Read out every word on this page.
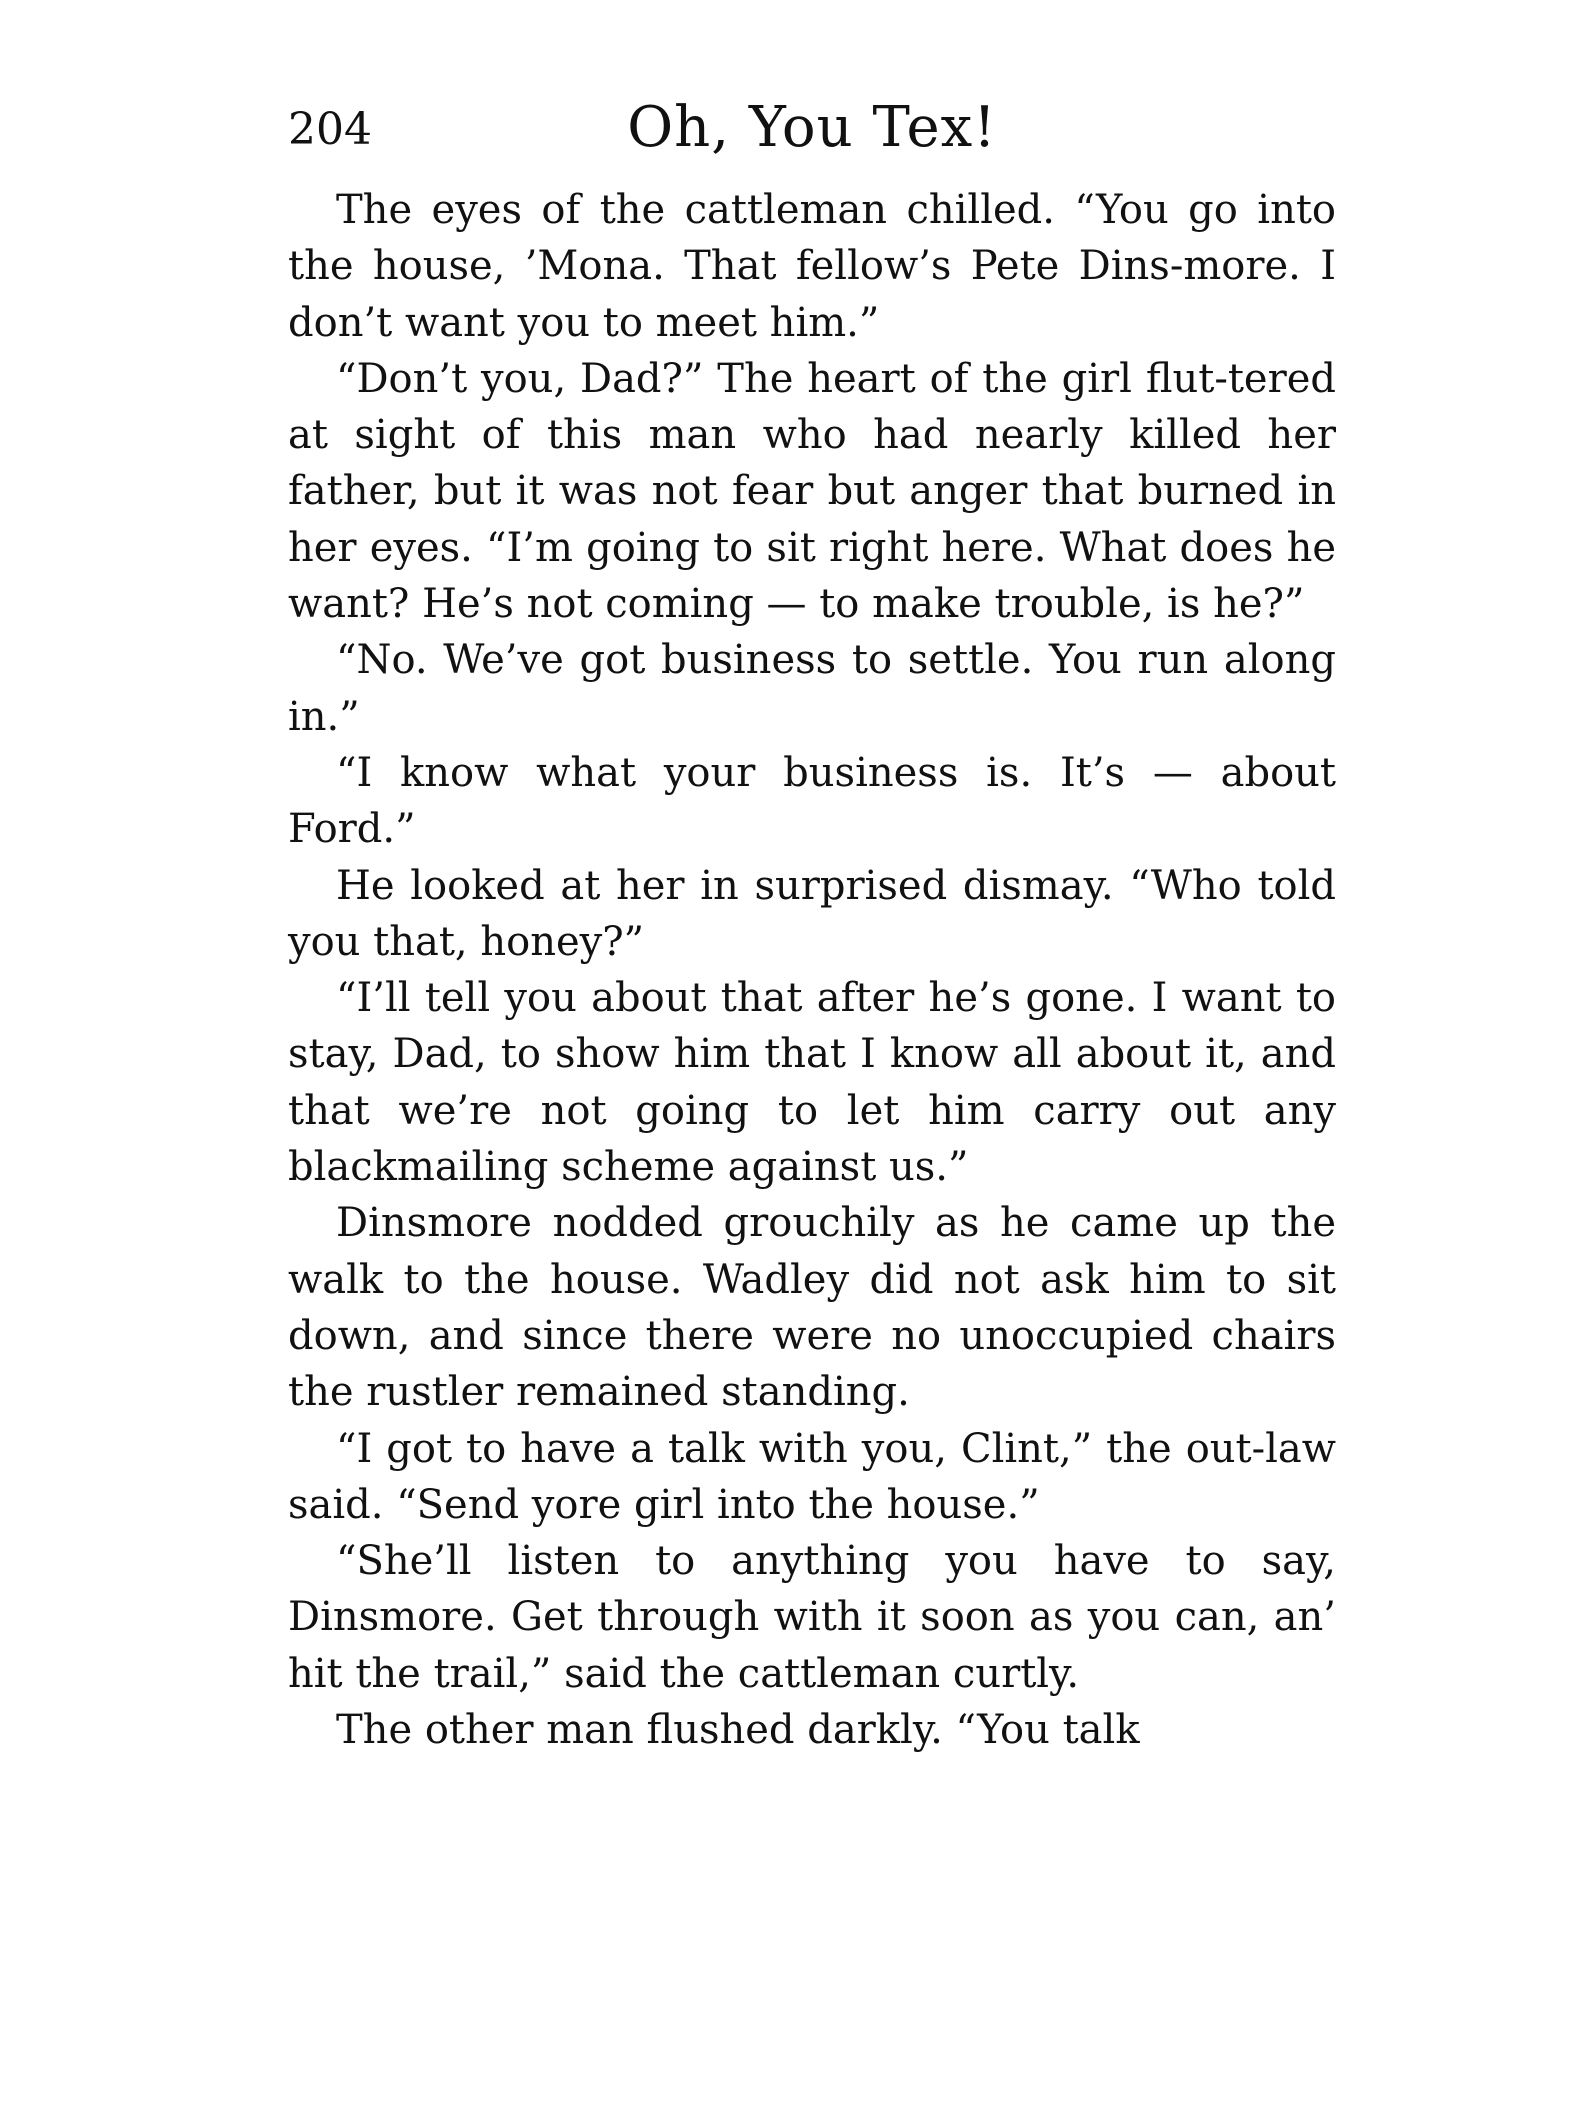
204	Oh, You Tex!

The eyes of the cattleman chilled. “You go into the house, ’Mona. That fellow’s Pete Dins-more. I don’t want you to meet him.”

“Don’t you, Dad?” The heart of the girl flut-tered at sight of this man who had nearly killed her father, but it was not fear but anger that burned in her eyes. “I’m going to sit right here. What does he want? He’s not coming — to make trouble, is he?”

“No. We’ve got business to settle. You run along in.”

“I know what your business is. It’s — about Ford.”

He looked at her in surprised dismay. “Who told you that, honey?”

“I’ll tell you about that after he’s gone. I want to stay, Dad, to show him that I know all about it, and that we’re not going to let him carry out any blackmailing scheme against us.”

Dinsmore nodded grouchily as he came up the walk to the house. Wadley did not ask him to sit down, and since there were no unoccupied chairs the rustler remained standing.

“I got to have a talk with you, Clint,” the out-law said. “Send yore girl into the house.”

“She’ll listen to anything you have to say, Dinsmore. Get through with it soon as you can, an’ hit the trail,” said the cattleman curtly.

The other man flushed darkly. “You talk
